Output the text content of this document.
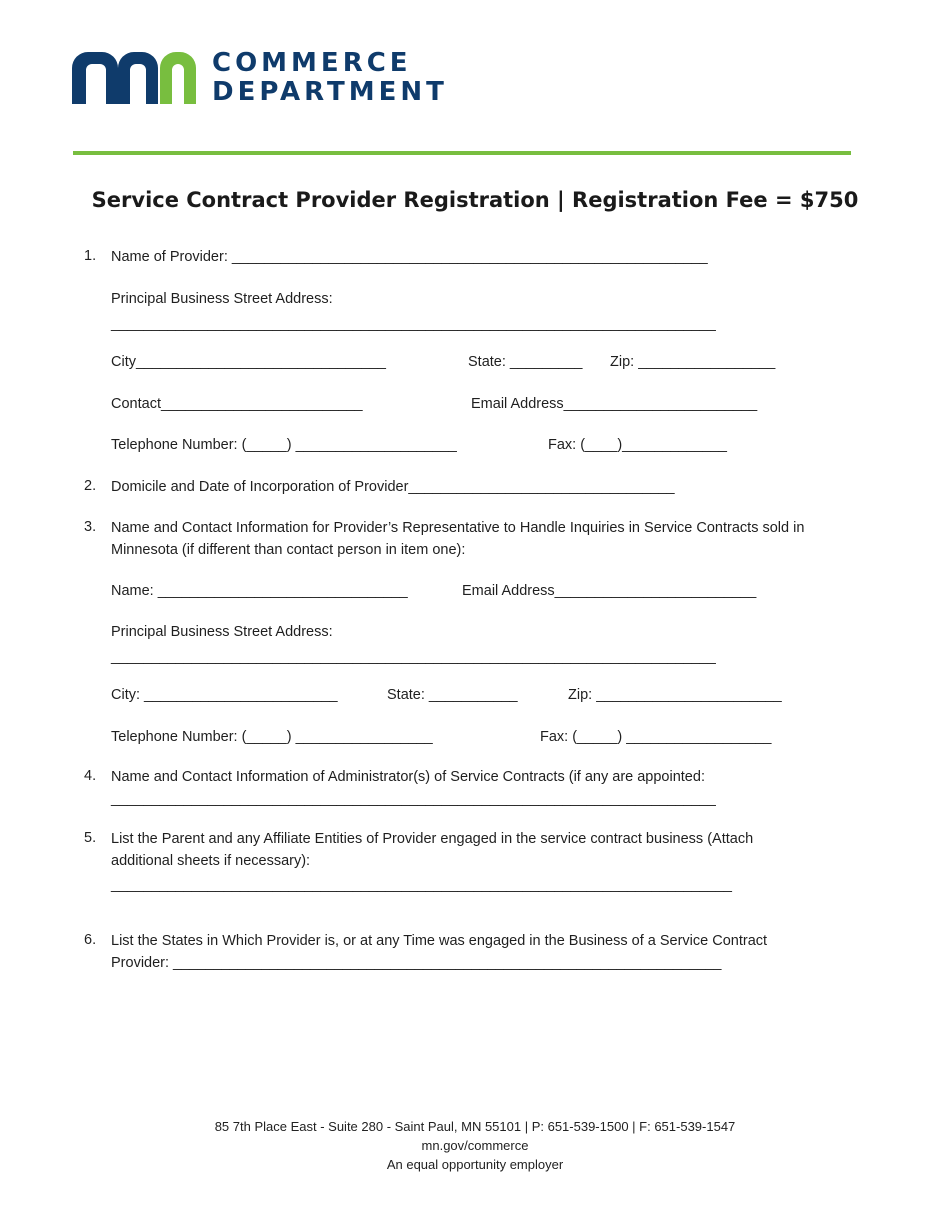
COMMERCE
DEPARTMENT
Service Contract Provider Registration | Registration Fee = $750
1. Name of Provider: ___________________________________________________________
Principal Business Street Address:
___________________________________________________________________________
City_______________________________	State: _________ Zip: _________________
Contact_________________________	Email Address________________________
Telephone Number: (_____) ____________________	Fax: (____)_____________
2. Domicile and Date of Incorporation of Provider_________________________________
3. Name and Contact Information for Provider’s Representative to Handle Inquiries in Service Contracts sold in
Minnesota (if different than contact person in item one):
Name: _______________________________	Email Address_________________________
Principal Business Street Address:
___________________________________________________________________________
City: ________________________	State: ___________	Zip: _______________________
Telephone Number: (_____) _________________	Fax: (_____) __________________
4. Name and Contact Information of Administrator(s) of Service Contracts (if any are appointed:
___________________________________________________________________________
5. List the Parent and any Affiliate Entities of Provider engaged in the service contract business (Attach
additional sheets if necessary):
_____________________________________________________________________________
6. List the States in Which Provider is, or at any Time was engaged in the Business of a Service Contract
Provider: ____________________________________________________________________
85 7th Place East - Suite 280 - Saint Paul, MN 55101 | P: 651-539-1500 | F: 651-539-1547
mn.gov/commerce
An equal opportunity employer
